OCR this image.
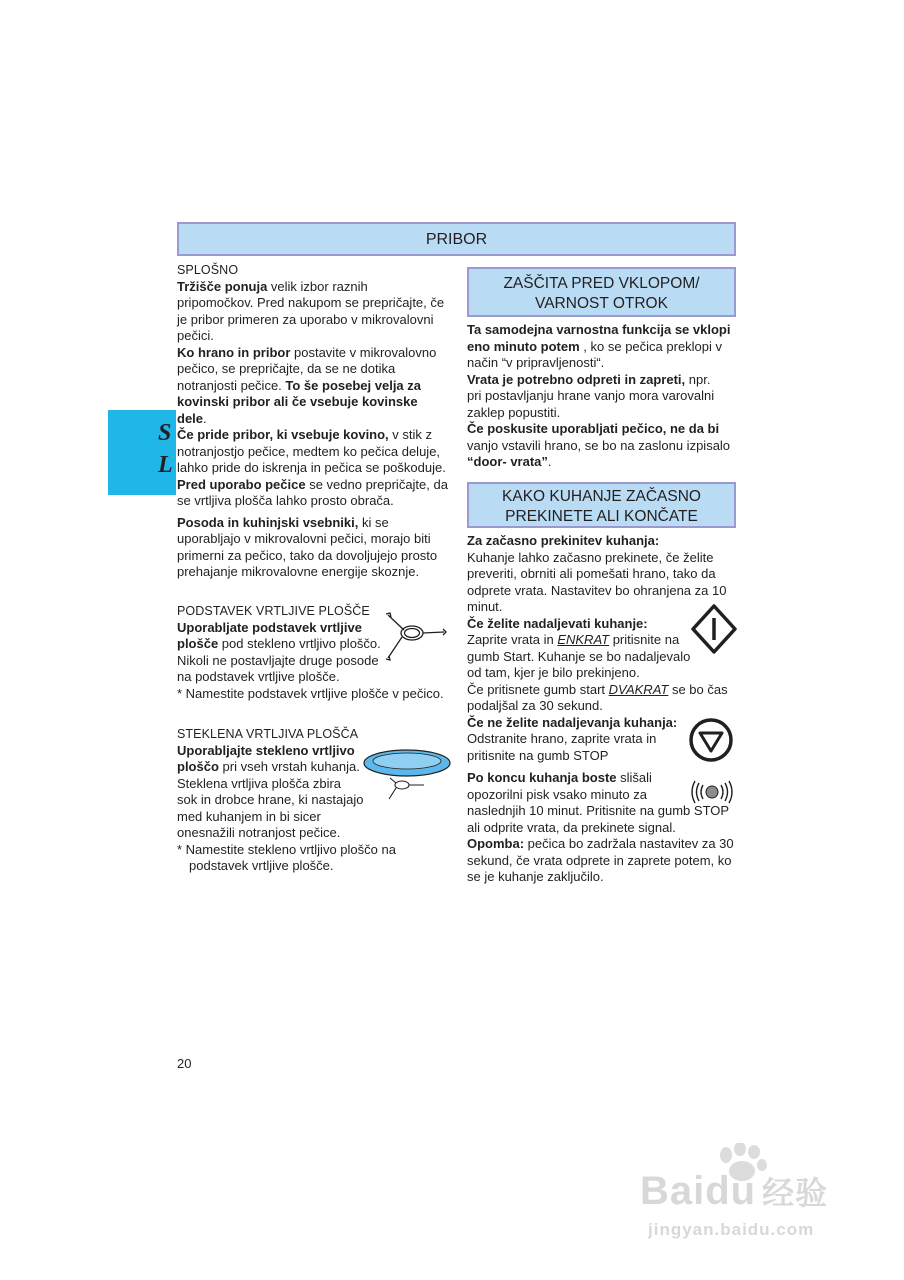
PRIBOR
S
L

SPLOŠNO

Tržišče ponuja velik izbor raznih

pripomočkov. Pred nakupom se prepričajte, če

je pribor primeren za uporabo v mikrovalovni

pečici.

Ko hrano in pribor postavite v mikrovalovno

pečico, se prepričajte, da se ne dotika

notranjosti pečice. To še posebej velja za

kovinski pribor ali če vsebuje kovinske

dele.

Če pride pribor, ki vsebuje kovino, v stik z

notranjostjo pečice, medtem ko pečica deluje,

lahko pride do iskrenja in pečica se poškoduje.

Pred uporabo pečice se vedno prepričajte, da

se vrtljiva plošča lahko prosto obrača.

Posoda in kuhinjski vsebniki, ki se

uporabljajo v mikrovalovni pečici, morajo biti

primerni za pečico, tako da dovoljujejo prosto

prehajanje mikrovalovne energije skoznje.

PODSTAVEK VRTLJIVE PLOŠČE

Uporabljate podstavek vrtljive

plošče pod stekleno vrtljivo ploščo.

Nikoli ne postavljajte druge posode

na podstavek vrtljive plošče.

* Namestite podstavek vrtljive plošče v pečico.

STEKLENA VRTLJIVA PLOŠČA

Uporabljajte stekleno vrtljivo

ploščo pri vseh vrstah kuhanja.

Steklena vrtljiva plošča zbira

sok in drobce hrane, ki nastajajo

med kuhanjem in bi sicer

onesnažili notranjost pečice.

* Namestite stekleno vrtljivo ploščo na

podstavek vrtljive plošče.

ZAŠČITA PRED VKLOPOM/
VARNOST OTROK

Ta samodejna varnostna funkcija se vklopi

eno minuto potem , ko se pečica preklopi v

način “v pripravljenosti“.

Vrata je potrebno odpreti in zapreti, npr.

pri postavljanju hrane vanjo mora varovalni

zaklep popustiti.

Če poskusite uporabljati pečico, ne da bi

vanjo vstavili hrano, se bo na zaslonu izpisalo

“door- vrata”.

KAKO KUHANJE ZAČASNO
PREKINETE ALI KONČATE

Za začasno prekinitev kuhanja:

Kuhanje lahko začasno prekinete, če želite

preveriti, obrniti ali pomešati hrano, tako da

odprete vrata. Nastavitev bo ohranjena za 10

minut.

Če želite nadaljevati kuhanje:

Zaprite vrata in ENKRAT pritisnite na

gumb Start. Kuhanje se bo nadaljevalo

od tam, kjer je bilo prekinjeno.

Če pritisnete gumb start DVAKRAT se bo čas

podaljšal za 30 sekund.

Če ne želite nadaljevanja kuhanja:

Odstranite hrano, zaprite vrata in

pritisnite na gumb STOP

Po koncu kuhanja boste slišali

opozorilni pisk vsako minuto za

naslednjih 10 minut. Pritisnite na gumb STOP

ali odprite vrata, da prekinete signal.

Opomba: pečica bo zadržala nastavitev za 30

sekund, če vrata odprete in zaprete potem, ko

se je kuhanje zaključilo.

20
Baidu 经验
jingyan.baidu.com
